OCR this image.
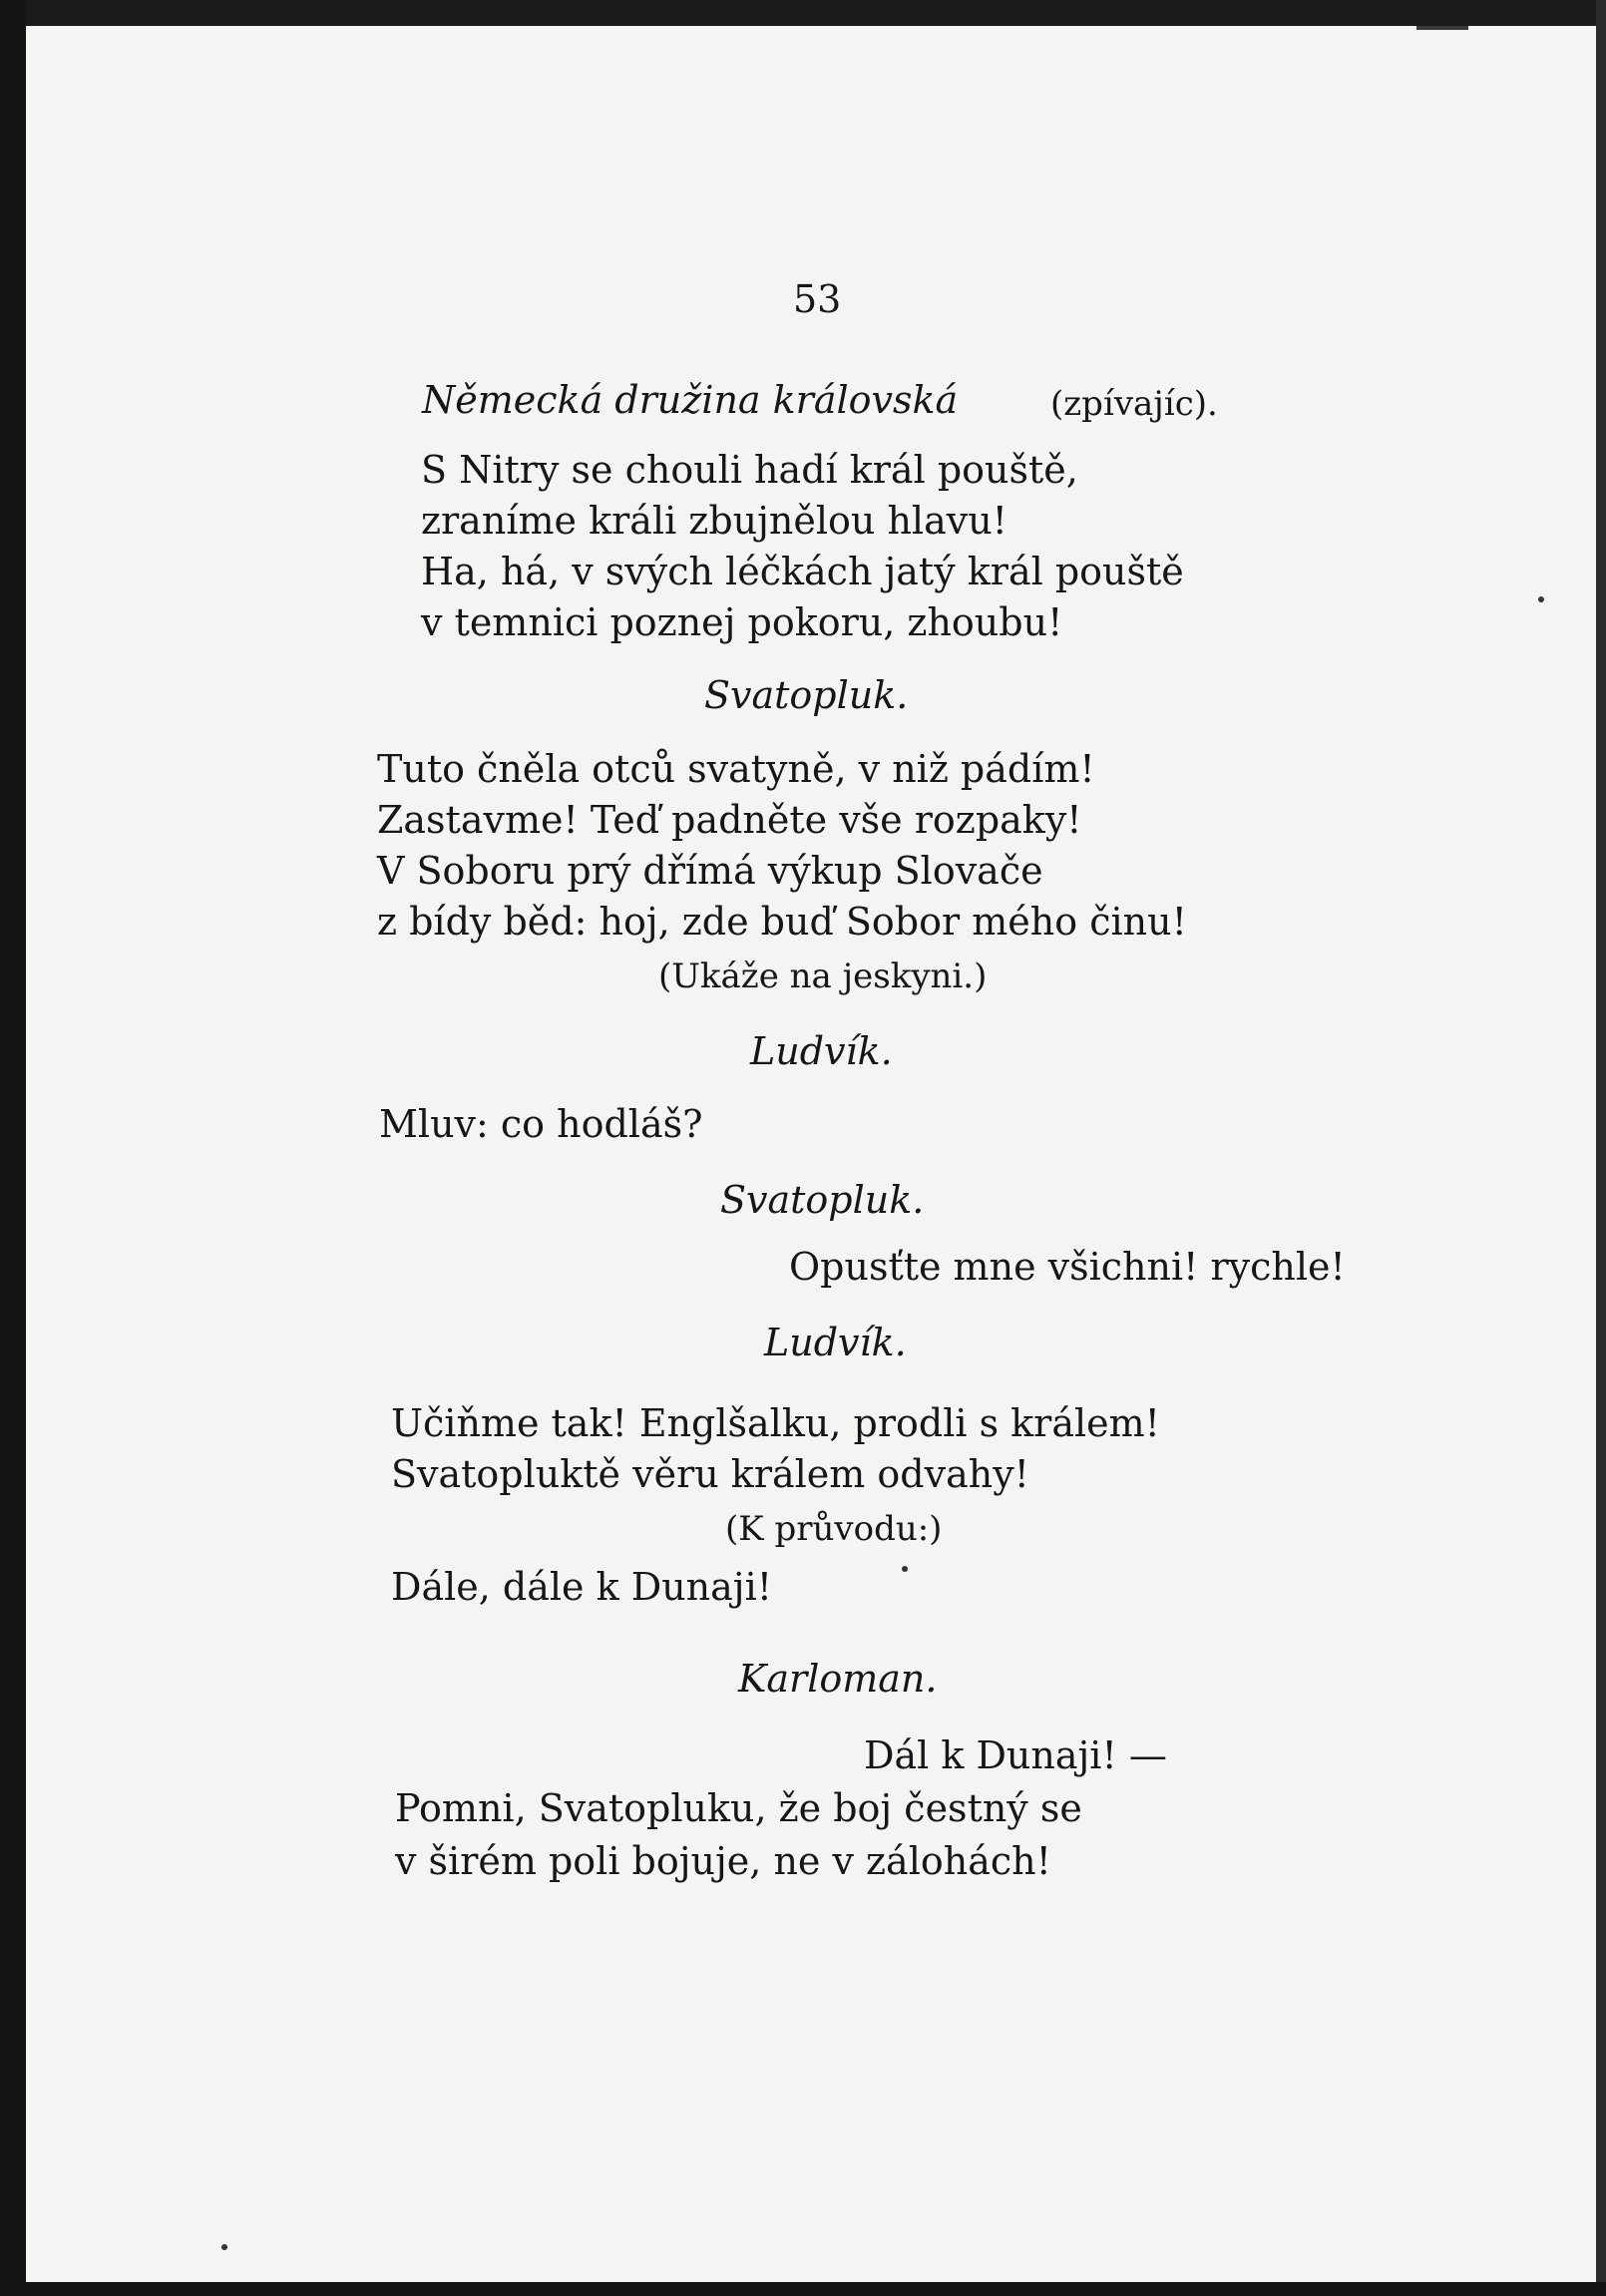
53
Německá družina královská	(zpívajíc).
S Nitry se chouli hadí král pouště,
zraníme králi zbujnělou hlavu!
Ha, há, v svých léčkách jatý král pouště
v temnici poznej pokoru, zhoubu!
Svatopluk.
Tuto čněla otců svatyně, v niž pádím!
Zastavme! Teď padněte vše rozpaky!
V Soboru prý dřímá výkup Slovače
z bídy běd: hoj, zde buď Sobor mého činu!
(Ukáže na jeskyni.)
Ludvík.
Mluv: co hodláš?
Svatopluk.
Opusťte mne všichni! rychle!
Ludvík.
Učiňme tak! Englšalku, prodli s králem!
Svatopluktě věru králem odvahy!
(K průvodu:)
Dále, dále k Dunaji!
Karloman.
Dál k Dunaji! —
Pomni, Svatopluku, že boj čestný se
v širém poli bojuje, ne v zálohách!
